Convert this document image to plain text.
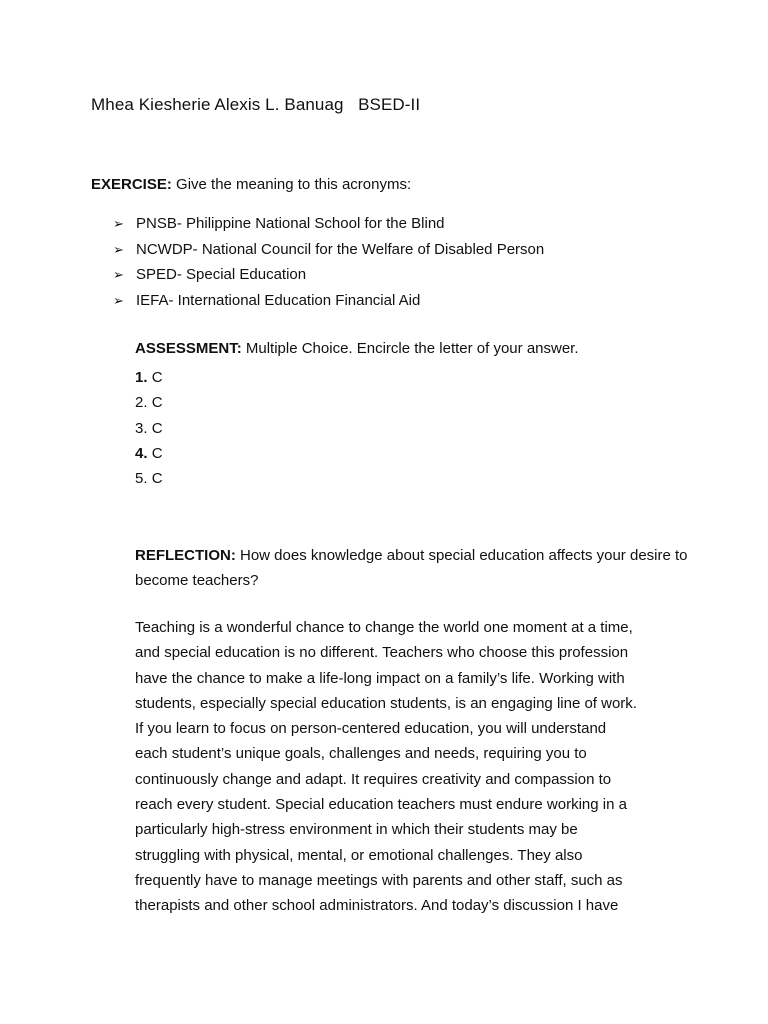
Mhea Kiesherie Alexis L. Banuag BSED-II
EXERCISE: Give the meaning to this acronyms:
➢ PNSB- Philippine National School for the Blind
➢ NCWDP- National Council for the Welfare of Disabled Person
➢ SPED- Special Education
➢ IEFA- International Education Financial Aid
ASSESSMENT: Multiple Choice. Encircle the letter of your answer.
1. C
2. C
3. C
4. C
5. C
REFLECTION: How does knowledge about special education affects your desire to become teachers?
Teaching is a wonderful chance to change the world one moment at a time,
and special education is no different. Teachers who choose this profession
have the chance to make a life-long impact on a family’s life. Working with
students, especially special education students, is an engaging line of work.
If you learn to focus on person-centered education, you will understand
each student’s unique goals, challenges and needs, requiring you to
continuously change and adapt. It requires creativity and compassion to
reach every student. Special education teachers must endure working in a
particularly high-stress environment in which their students may be
struggling with physical, mental, or emotional challenges. They also
frequently have to manage meetings with parents and other staff, such as
therapists and other school administrators. And today’s discussion I have
